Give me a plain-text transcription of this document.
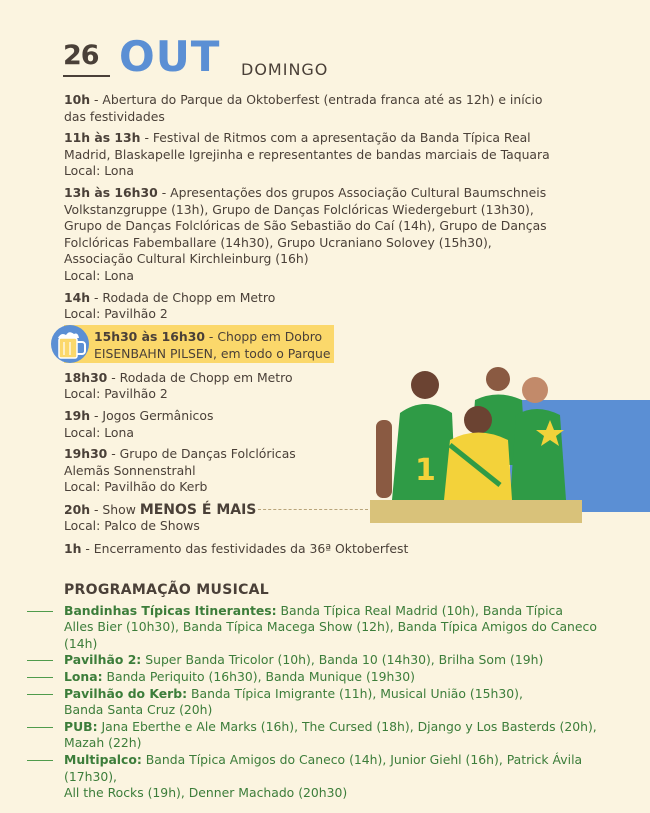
26 OUT DOMINGO
15h30 às 16h30 - Chopp em Dobro
EISENBAHN PILSEN, em todo o Parque
10h - Abertura do Parque da Oktoberfest (entrada franca até as 12h) e início das festividades
11h às 13h - Festival de Ritmos com a apresentação da Banda Típica Real Madrid, Blaskapelle Igrejinha e representantes de bandas marciais de Taquara
Local: Lona
13h às 16h30 - Apresentações dos grupos Associação Cultural Baumschneis Volkstanzgruppe (13h), Grupo de Danças Folclóricas Wiedergeburt (13h30), Grupo de Danças Folclóricas de São Sebastião do Caí (14h), Grupo de Danças Folclóricas Fabemballare (14h30), Grupo Ucraniano Solovey (15h30), Associação Cultural Kirchleinburg (16h)
Local: Lona
14h - Rodada de Chopp em Metro
Local: Pavilhão 2
18h30 - Rodada de Chopp em Metro
Local: Pavilhão 2
19h - Jogos Germânicos
Local: Lona
19h30 - Grupo de Danças Folclóricas
Alemãs Sonnenstrahl
Local: Pavilhão do Kerb
20h - Show MENOS É MAIS
Local: Palco de Shows
1h - Encerramento das festividades da 36ª Oktoberfest
1
PROGRAMAÇÃO MUSICAL
Bandinhas Típicas Itinerantes: Banda Típica Real Madrid (10h), Banda Típica
Alles Bier (10h30), Banda Típica Macega Show (12h), Banda Típica Amigos do Caneco (14h)
Pavilhão 2: Super Banda Tricolor (10h), Banda 10 (14h30), Brilha Som (19h)
Lona: Banda Periquito (16h30), Banda Munique (19h30)
Pavilhão do Kerb: Banda Típica Imigrante (11h), Musical União (15h30),
Banda Santa Cruz (20h)
PUB: Jana Eberthe e Ale Marks (16h), The Cursed (18h), Django y Los Basterds (20h),
Mazah (22h)
Multipalco: Banda Típica Amigos do Caneco (14h), Junior Giehl (16h), Patrick Ávila (17h30),
All the Rocks (19h), Denner Machado (20h30)
